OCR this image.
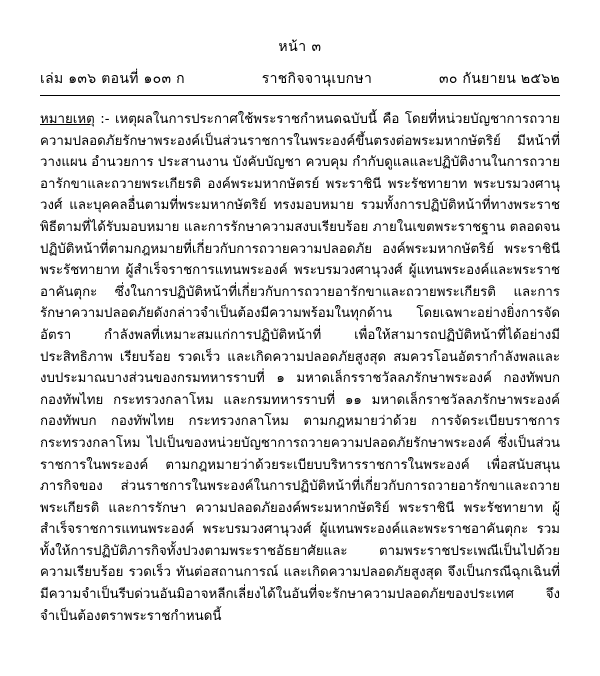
หน้า ๓
เล่ม ๑๓๖ ตอนที่ ๑๐๓ ก	ราชกิจจานุเบกษา	๓๐ กันยายน ๒๕๖๒

หมายเหตุ :- เหตุผลในการประกาศใช้พระราชกำหนดฉบับนี้ คือ โดยที่หน่วยบัญชาการถวายความปลอดภัยรักษาพระองค์เป็นส่วนราชการในพระองค์ขึ้นตรงต่อพระมหากษัตริย์ มีหน้าที่วางแผน อำนวยการ ประสานงาน บังคับบัญชา ควบคุม กำกับดูแลและปฏิบัติงานในการถวายอารักขาและถวายพระเกียรติ องค์พระมหากษัตรย์ พระราชินี พระรัชทายาท พระบรมวงศานุวงศ์ และบุคคลอื่นตามที่พระมหากษัตริย์ ทรงมอบหมาย รวมทั้งการปฏิบัติหน้าที่ทางพระราชพิธีตามที่ได้รับมอบหมาย และการรักษาความสงบเรียบร้อย ภายในเขตพระราชฐาน ตลอดจนปฏิบัติหน้าที่ตามกฎหมายที่เกี่ยวกับการถวายความปลอดภัย องค์พระมหากษัตริย์ พระราชินี พระรัชทายาท ผู้สำเร็จราชการแทนพระองค์ พระบรมวงศานุวงศ์ ผู้แทนพระองค์และพระราชอาคันตุกะ ซึ่งในการปฏิบัติหน้าที่เกี่ยวกับการถวายอารักขาและถวายพระเกียรติ และการรักษาความปลอดภัยดังกล่าวจำเป็นต้องมีความพร้อมในทุกด้าน โดยเฉพาะอย่างยิ่งการจัดอัตรา กำลังพลที่เหมาะสมแก่การปฏิบัติหน้าที่ เพื่อให้สามารถปฏิบัติหน้าที่ได้อย่างมีประสิทธิภาพ เรียบร้อย รวดเร็ว และเกิดความปลอดภัยสูงสุด สมควรโอนอัตรากำลังพลและงบประมาณบางส่วนของกรมทหารราบที่ ๑ มหาดเล็กรราชวัลลภรักษาพระองค์ กองทัพบก กองทัพไทย กระทรวงกลาโหม และกรมทหารราบที่ ๑๑ มหาดเล็กราชวัลลภรักษาพระองค์ กองทัพบก กองทัพไทย กระทรวงกลาโหม ตามกฎหมายว่าด้วย การจัดระเบียบราชการกระทรวงกลาโหม ไปเป็นของหน่วยบัญชาการถวายความปลอดภัยรักษาพระองค์ ซึ่งเป็นส่วนราชการในพระองค์ ตามกฎหมายว่าด้วยระเบียบบริหารราชการในพระองค์ เพื่อสนับสนุนภารกิจของ ส่วนราชการในพระองค์ในการปฏิบัติหน้าที่เกี่ยวกับการถวายอารักขาและถวายพระเกียรติ และการรักษา ความปลอดภัยองค์พระมหากษัตริย์ พระราชินี พระรัชทายาท ผู้สำเร็จราชการแทนพระองค์ พระบรมวงศานุวงศ์ ผู้แทนพระองค์และพระราชอาคันตุกะ รวมทั้งให้การปฏิบัติภารกิจทั้งปวงตามพระราชอัธยาศัยและ ตามพระราชประเพณีเป็นไปด้วยความเรียบร้อย รวดเร็ว ทันต่อสถานการณ์ และเกิดความปลอดภัยสูงสุด จึงเป็นกรณีฉุกเฉินที่มีความจำเป็นรีบด่วนอันมิอาจหลีกเลี่ยงได้ในอันที่จะรักษาความปลอดภัยของประเทศ จึงจำเป็นต้องตราพระราชกำหนดนี้
